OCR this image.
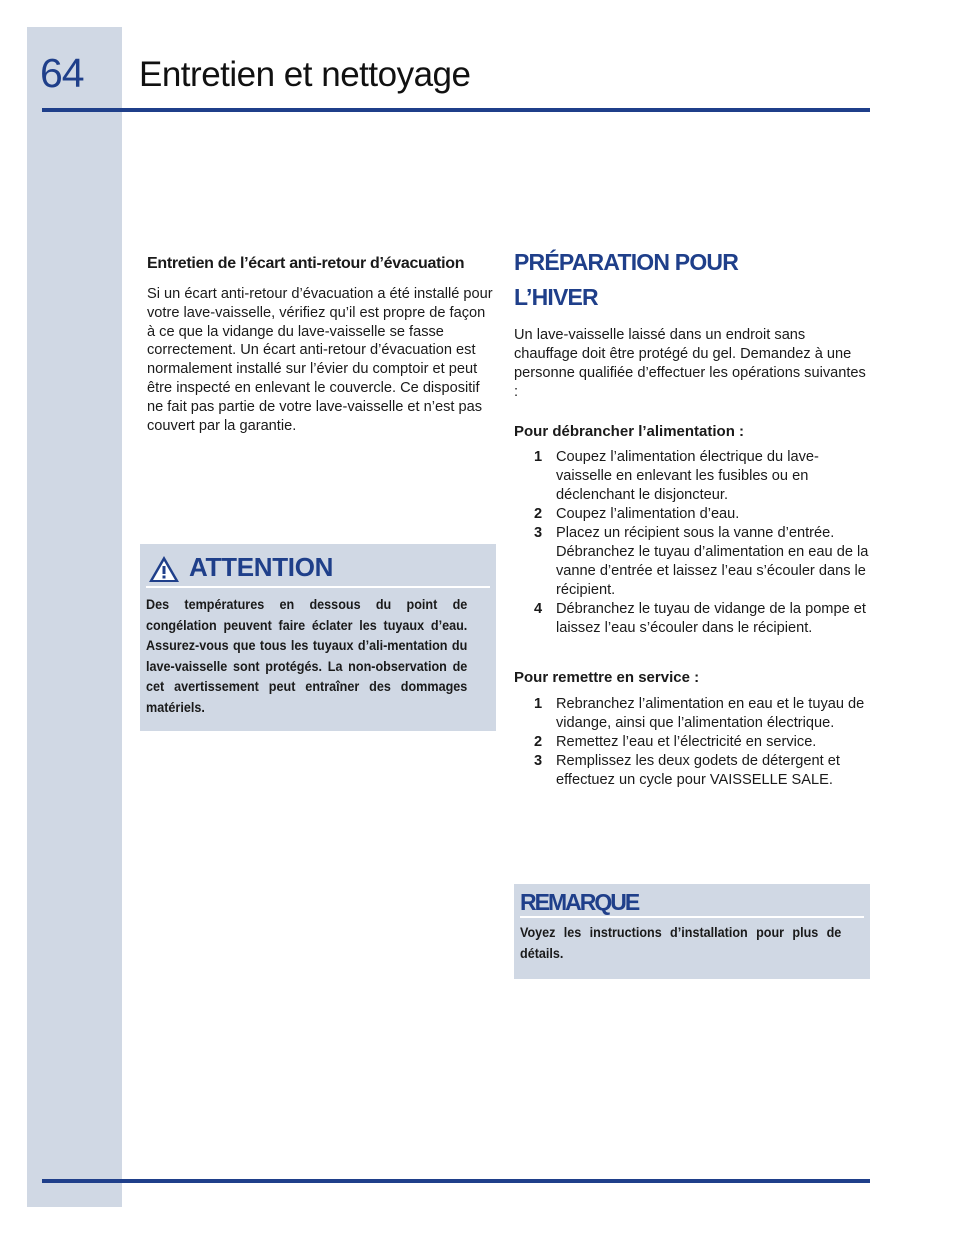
64 Entretien et nettoyage

Entretien de l’écart anti-retour d’évacuation

Si un écart anti-retour d’évacuation a été installé pour votre lave-vaisselle, vérifiez qu’il est propre de façon à ce que la vidange du lave-vaisselle se fasse correctement. Un écart anti-retour d’évacuation est normalement installé sur l’évier du comptoir et peut être inspecté en enlevant le couvercle. Ce dispositif ne fait pas partie de votre lave-vaisselle et n’est pas couvert par la garantie.

ATTENTION
Des températures en dessous du point de congélation peuvent faire éclater les tuyaux d’eau. Assurez-vous que tous les tuyaux d’ali-mentation du lave-vaisselle sont protégés. La non-observation de cet avertissement peut entraîner des dommages matériels.

PRÉPARATION POUR
L’HIVER

Un lave-vaisselle laissé dans un endroit sans chauffage doit être protégé du gel. Demandez à une personne qualifiée d’effectuer les opérations suivantes :

Pour débrancher l’alimentation :

1 Coupez l’alimentation électrique du lave-vaisselle en enlevant les fusibles ou en déclenchant le disjoncteur.
2 Coupez l’alimentation d’eau.
3 Placez un récipient sous la vanne d’entrée. Débranchez le tuyau d’alimentation en eau de la vanne d’entrée et laissez l’eau s’écouler dans le récipient.
4 Débranchez le tuyau de vidange de la pompe et laissez l’eau s’écouler dans le récipient.

Pour remettre en service :

1 Rebranchez l’alimentation en eau et le tuyau de vidange, ainsi que l’alimentation électrique.
2 Remettez l’eau et l’électricité en service.
3 Remplissez les deux godets de détergent et effectuez un cycle pour VAISSELLE SALE.
REMARQUE
Voyez les instructions d’installation pour plus de détails.
